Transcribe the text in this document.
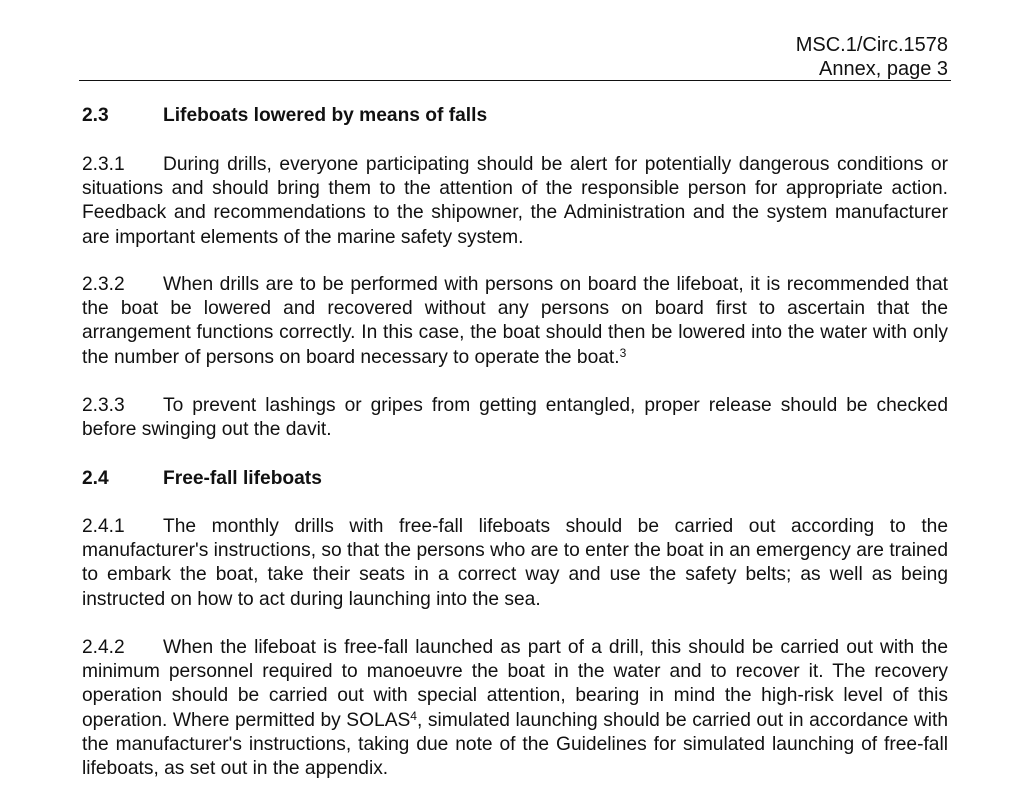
MSC.1/Circ.1578
Annex, page 3
2.3	Lifeboats lowered by means of falls
2.3.1 During drills, everyone participating should be alert for potentially dangerous conditions or situations and should bring them to the attention of the responsible person for appropriate action. Feedback and recommendations to the shipowner, the Administration and the system manufacturer are important elements of the marine safety system.
2.3.2 When drills are to be performed with persons on board the lifeboat, it is recommended that the boat be lowered and recovered without any persons on board first to ascertain that the arrangement functions correctly. In this case, the boat should then be lowered into the water with only the number of persons on board necessary to operate the boat.$^3$
2.3.3 To prevent lashings or gripes from getting entangled, proper release should be checked before swinging out the davit.
2.4	Free-fall lifeboats
2.4.1 The monthly drills with free-fall lifeboats should be carried out according to the manufacturer's instructions, so that the persons who are to enter the boat in an emergency are trained to embark the boat, take their seats in a correct way and use the safety belts; as well as being instructed on how to act during launching into the sea.
2.4.2 When the lifeboat is free-fall launched as part of a drill, this should be carried out with the minimum personnel required to manoeuvre the boat in the water and to recover it. The recovery operation should be carried out with special attention, bearing in mind the high-risk level of this operation. Where permitted by SOLAS$^4$, simulated launching should be carried out in accordance with the manufacturer's instructions, taking due note of the Guidelines for simulated launching of free-fall lifeboats, as set out in the appendix.
